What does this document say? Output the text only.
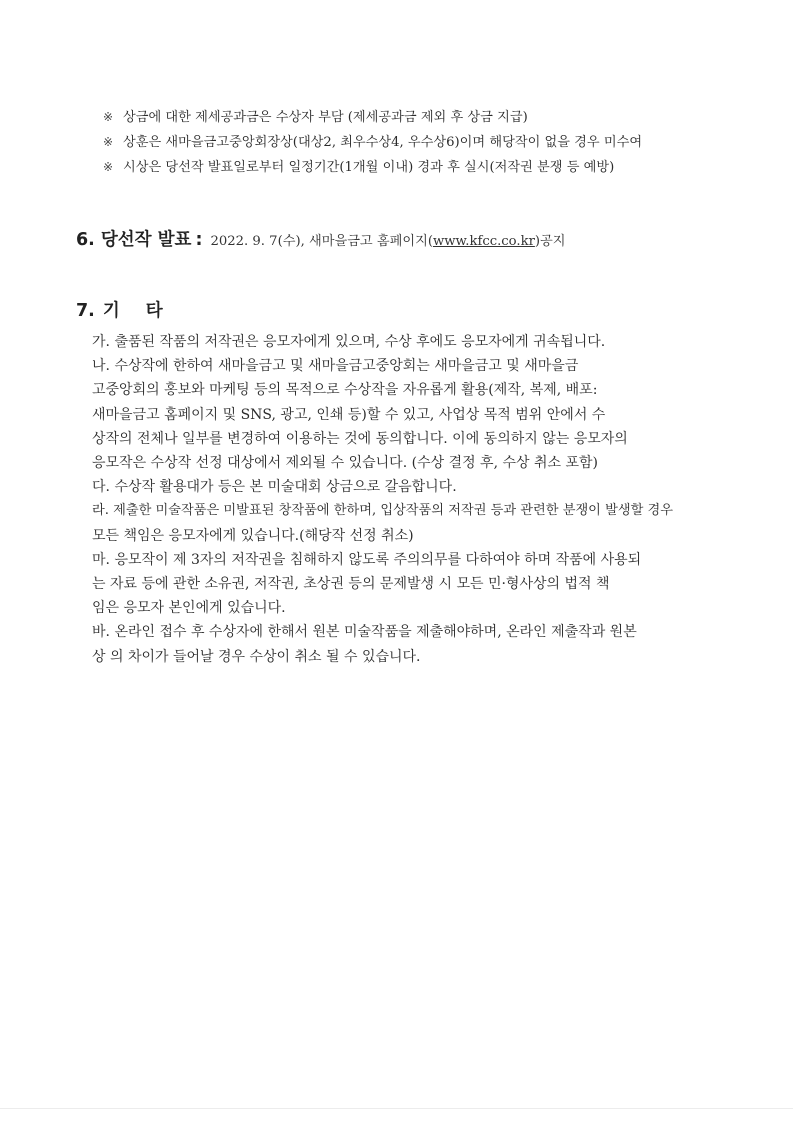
※ 상금에 대한 제세공과금은 수상자 부담 (제세공과금 제외 후 상금 지급)
※ 상훈은 새마을금고중앙회장상(대상2, 최우수상4, 우수상6)이며 해당작이 없을 경우 미수여
※ 시상은 당선작 발표일로부터 일정기간(1개월 이내) 경과 후 실시(저작권 분쟁 등 예방)
6. 당선작 발표 : 2022. 9. 7(수), 새마을금고 홈페이지(www.kfcc.co.kr)공지
7. 기타
가. 출품된 작품의 저작권은 응모자에게 있으며, 수상 후에도 응모자에게 귀속됩니다.
나. 수상작에 한하여 새마을금고 및 새마을금고중앙회는 새마을금고 및 새마을금
고중앙회의 홍보와 마케팅 등의 목적으로 수상작을 자유롭게 활용(제작, 복제, 배포:
새마을금고 홈페이지 및 SNS, 광고, 인쇄 등)할 수 있고, 사업상 목적 범위 안에서 수
상작의 전체나 일부를 변경하여 이용하는 것에 동의합니다. 이에 동의하지 않는 응모자의
응모작은 수상작 선정 대상에서 제외될 수 있습니다. (수상 결정 후, 수상 취소 포함)
다. 수상작 활용대가 등은 본 미술대회 상금으로 갈음합니다.
라. 제출한 미술작품은 미발표된 창작품에 한하며, 입상작품의 저작권 등과 관련한 분쟁이 발생할 경우
모든 책임은 응모자에게 있습니다.(해당작 선정 취소)
마. 응모작이 제 3자의 저작권을 침해하지 않도록 주의의무를 다하여야 하며 작품에 사용되
는 자료 등에 관한 소유권, 저작권, 초상권 등의 문제발생 시 모든 민·형사상의 법적 책
임은 응모자 본인에게 있습니다.
바. 온라인 접수 후 수상자에 한해서 원본 미술작품을 제출해야하며, 온라인 제출작과 원본
상 의 차이가 들어날 경우 수상이 취소 될 수 있습니다.
